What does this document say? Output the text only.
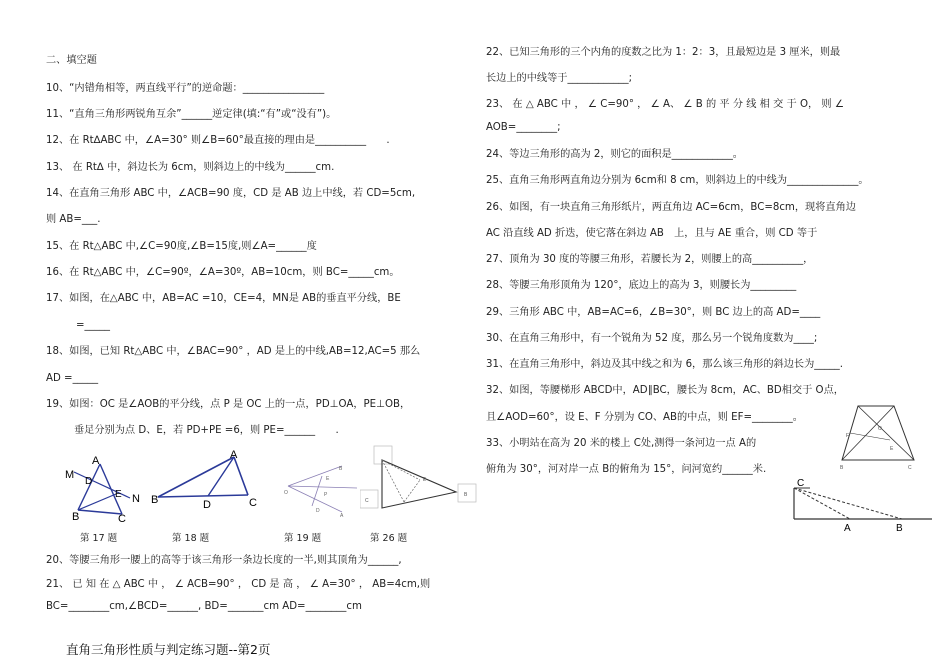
二、填空题
10、“内错角相等，两直线平行”的逆命题：________________
11、“直角三角形两锐角互余”______逆定律(填:“有”或“没有”)。
12、在 Rt∆ABC 中，∠A=30° 则∠B=60°最直接的理由是__________　　.
13、 在 Rt∆ 中，斜边长为 6cm，则斜边上的中线为______cm.
14、在直角三角形 ABC 中，∠ACB=90 度，CD 是 AB 边上中线，若 CD=5cm,
则 AB=___.
15、在 Rt△ABC 中,∠C=90度,∠B=15度,则∠A=______度
16、在 Rt△ABC 中，∠C=90º，∠A=30º，AB=10cm，则 BC=_____cm。
17、如图，在△ABC 中，AB=AC =10，CE=4，MN是 AB的垂直平分线，BE
=_____
18、如图，已知 Rt△ABC 中，∠BAC=90° ，AD 是上的中线,AB=12,AC=5 那么
AD =_____
19、如图：OC 是∠AOB的平分线，点 P 是 OC 上的一点，PD⊥OA，PE⊥OB，
垂足分别为点 D、E，若 PD+PE =6，则 PE=______　　.
20、等腰三角形一腰上的高等于该三角形一条边长度的一半,则其顶角为______,
21、 已 知 在 △ ABC 中 ， ∠ ACB=90° ， CD 是 高 ， ∠ A=30° ， AB=4cm,则
BC=________cm,∠BCD=______, BD=_______cm AD=________cm
A
M
D
E N
B	C
第 17 题
A
B	D	C
第 18 题
B
O	P
D
A
E
第 19 题
E
C
B
第 26 题
22、已知三角形的三个内角的度数之比为 1：2：3，且最短边是 3 厘米，则最
长边上的中线等于____________;
23、 在 △ ABC 中 ， ∠ C=90° ， ∠ A、 ∠ B 的 平 分 线 相 交 于 O， 则 ∠
AOB=________;
24、等边三角形的高为 2，则它的面积是____________。
25、直角三角形两直角边分别为 6cm和 8 cm，则斜边上的中线为______________。
26、如图，有一块直角三角形纸片，两直角边 AC=6cm，BC=8cm，现将直角边
AC 沿直线 AD 折迭，使它落在斜边 AB　上，且与 AE 重合，则 CD 等于
27、顶角为 30 度的等腰三角形，若腰长为 2，则腰上的高__________，
28、等腰三角形顶角为 120°，底边上的高为 3，则腰长为_________
29、三角形 ABC 中，AB=AC=6，∠B=30°，则 BC 边上的高 AD=____
30、在直角三角形中，有一个锐角为 52 度，那么另一个锐角度数为____;
31、在直角三角形中，斜边及其中线之和为 6，那么该三角形的斜边长为_____.
32、如图，等腰梯形 ABCD中，AD∥BC，腰长为 8cm，AC、BD相交于 O点，
且∠AOD=60°，设 E、F 分别为 CO、AB的中点，则 EF=________。
33、小明站在高为 20 米的楼上 C处,测得一条河边一点 A的
俯角为 30°，河对岸一点 B的俯角为 15°，问河宽约______米.
F
O
E
B	C
C
A	B
直角三角形性质与判定练习题--第2页
